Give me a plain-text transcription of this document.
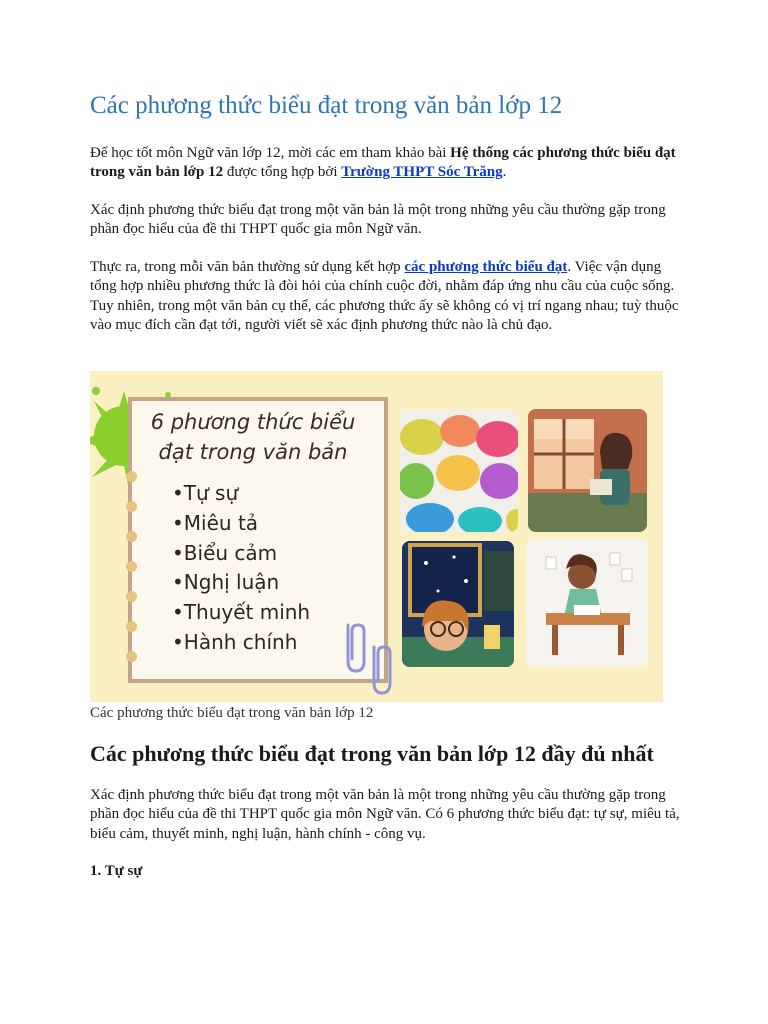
Các phương thức biểu đạt trong văn bản lớp 12

Để học tốt môn Ngữ văn lớp 12, mời các em tham khảo bài Hệ thống các phương thức biểu đạt trong văn bản lớp 12 được tổng hợp bởi Trường THPT Sóc Trăng.

Xác định phương thức biểu đạt trong một văn bản là một trong những yêu cầu thường gặp trong phần đọc hiểu của đề thi THPT quốc gia môn Ngữ văn.

Thực ra, trong mỗi văn bản thường sử dụng kết hợp các phương thức biểu đạt. Việc vận dụng tổng hợp nhiều phương thức là đòi hỏi của chính cuộc đời, nhằm đáp ứng nhu cầu của cuộc sống. Tuy nhiên, trong một văn bản cụ thể, các phương thức ấy sẽ không có vị trí ngang nhau; tuỳ thuộc vào mục đích cần đạt tới, người viết sẽ xác định phương thức nào là chủ đạo.

6 phương thức biểu
đạt trong văn bản
• Tự sự
• Miêu tả
• Biểu cảm
• Nghị luận
• Thuyết minh
• Hành chính

Các phương thức biểu đạt trong văn bản lớp 12

Các phương thức biểu đạt trong văn bản lớp 12 đầy đủ nhất

Xác định phương thức biểu đạt trong một văn bản là một trong những yêu cầu thường gặp trong phần đọc hiểu của đề thi THPT quốc gia môn Ngữ văn. Có 6 phương thức biểu đạt: tự sự, miêu tả, biểu cảm, thuyết minh, nghị luận, hành chính - công vụ.

1. Tự sự
